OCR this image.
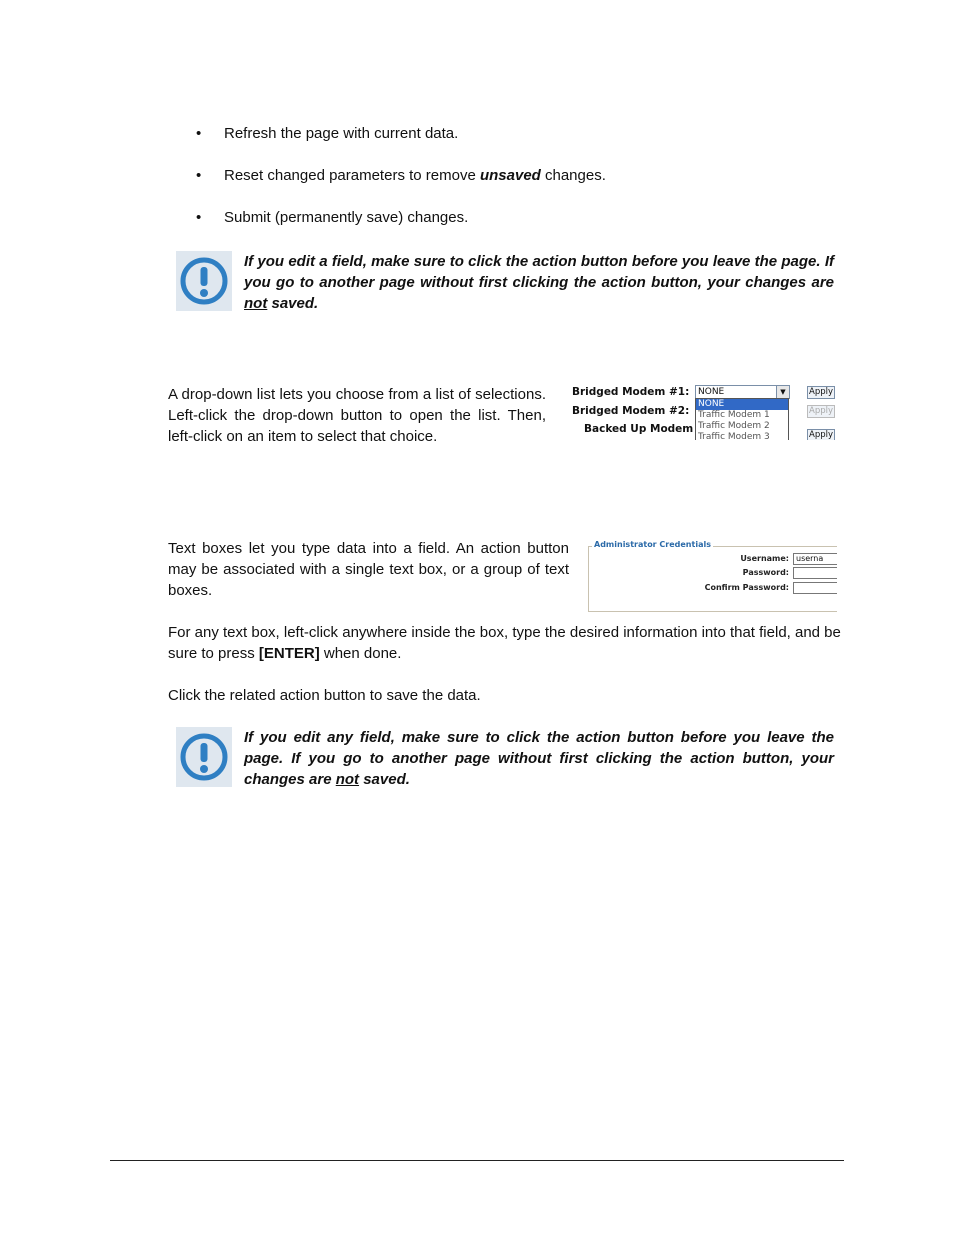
• Refresh the page with current data.
• Reset changed parameters to remove unsaved changes.
• Submit (permanently save) changes.
If you edit a field, make sure to click the action button before you leave the page. If you go to another page without first clicking the action button, your changes are not saved.

A drop-down list lets you choose from a list of selections. Left-click the drop-down button to open the list. Then, left-click on an item to select that choice.

Bridged Modem #1:
Bridged Modem #2:
Backed Up Modem
NONE	▼
NONE
Traffic Modem 1
Traffic Modem 2
Traffic Modem 3
Apply
Apply
Apply

Text boxes let you type data into a field. An action button may be associated with a single text box, or a group of text boxes.

Administrator Credentials
Username: userna
Password:
Confirm Password:

For any text box, left-click anywhere inside the box, type the desired information into that field, and be sure to press [ENTER] when done.

Click the related action button to save the data.

If you edit any field, make sure to click the action button before you leave the page. If you go to another page without first clicking the action button, your changes are not saved.
